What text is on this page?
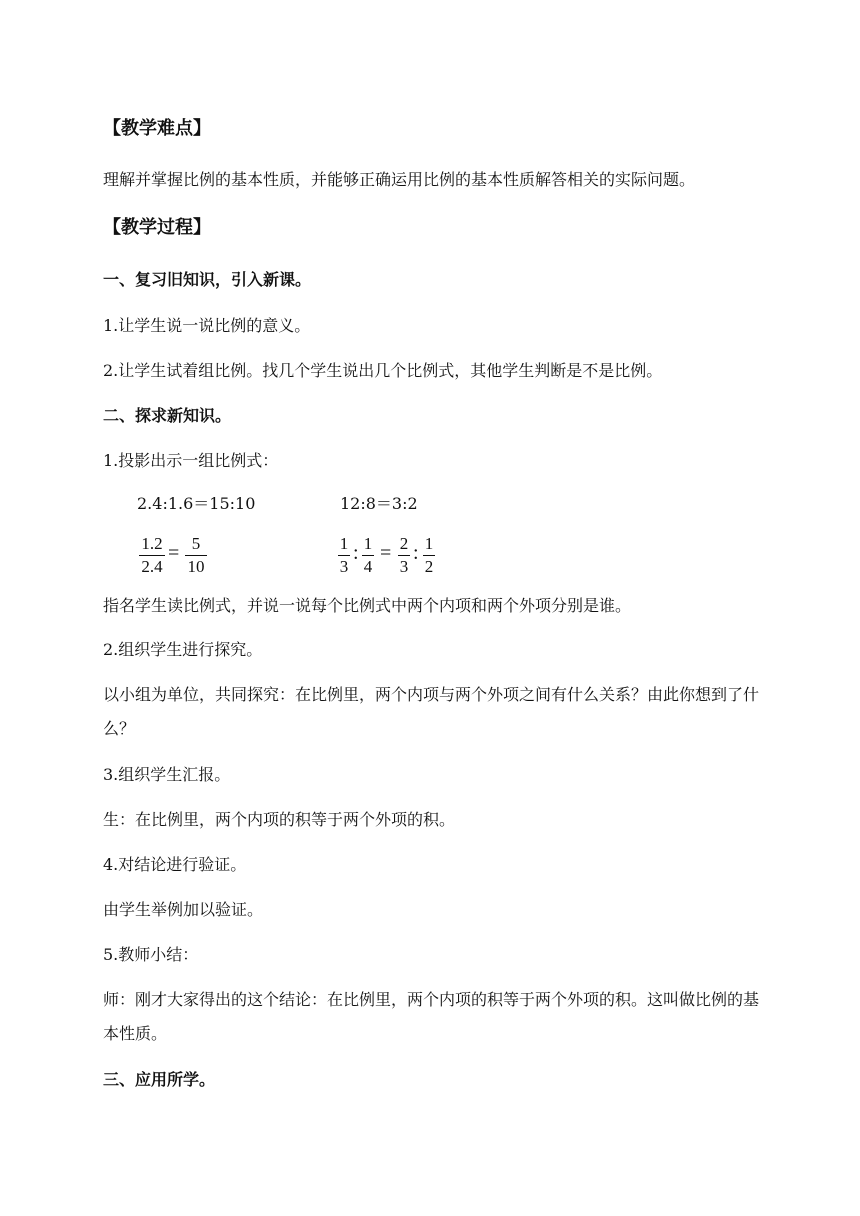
【教学难点】
理解并掌握比例的基本性质，并能够正确运用比例的基本性质解答相关的实际问题。
【教学过程】
一、复习旧知识，引入新课。
1.让学生说一说比例的意义。
2.让学生试着组比例。找几个学生说出几个比例式，其他学生判断是不是比例。
二、探求新知识。
1.投影出示一组比例式：
2.4:1.6＝15:10	12:8＝3:2
1.2
2.4
= 5
10
1
3
: 1
4
= 2
3
: 1
2
指名学生读比例式，并说一说每个比例式中两个内项和两个外项分别是谁。
2.组织学生进行探究。
以小组为单位，共同探究：在比例里，两个内项与两个外项之间有什么关系？由此你想到了什么？
3.组织学生汇报。
生：在比例里，两个内项的积等于两个外项的积。
4.对结论进行验证。
由学生举例加以验证。
5.教师小结：
师：刚才大家得出的这个结论：在比例里，两个内项的积等于两个外项的积。这叫做比例的基本性质。
三、应用所学。
